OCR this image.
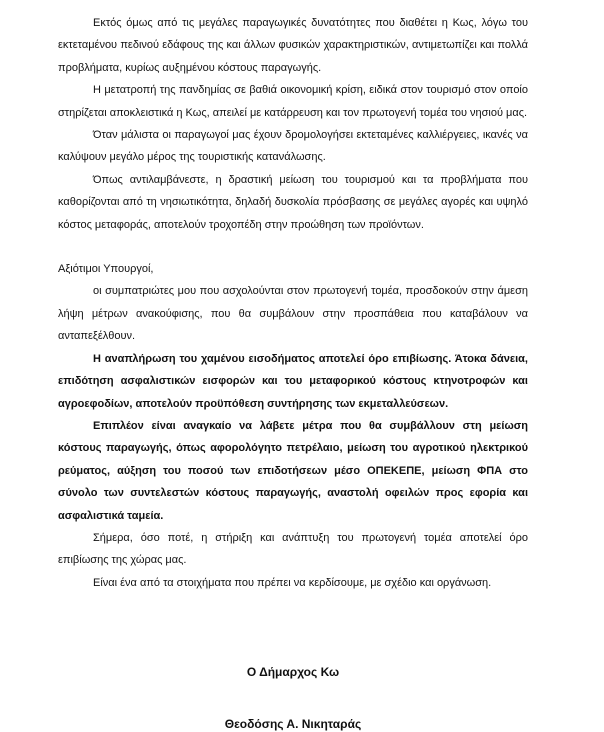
Εκτός όμως από τις μεγάλες παραγωγικές δυνατότητες που διαθέτει η Κως, λόγω του εκτεταμένου πεδινού εδάφους της και άλλων φυσικών χαρακτηριστικών, αντιμετωπίζει και πολλά προβλήματα, κυρίως αυξημένου κόστους παραγωγής.

Η μετατροπή της πανδημίας σε βαθιά οικονομική κρίση, ειδικά στον τουρισμό στον οποίο στηρίζεται αποκλειστικά η Κως, απειλεί με κατάρρευση και τον πρωτογενή τομέα του νησιού μας.

Όταν μάλιστα οι παραγωγοί μας έχουν δρομολογήσει εκτεταμένες καλλιέργειες, ικανές να καλύψουν μεγάλο μέρος της τουριστικής κατανάλωσης.

Όπως αντιλαμβάνεστε, η δραστική μείωση του τουρισμού και τα προβλήματα που καθορίζονται από τη νησιωτικότητα, δηλαδή δυσκολία πρόσβασης σε μεγάλες αγορές και υψηλό κόστος μεταφοράς, αποτελούν τροχοπέδη στην προώθηση των προϊόντων.

Αξιότιμοι Υπουργοί,

οι συμπατριώτες μου που ασχολούνται στον πρωτογενή τομέα, προσδοκούν στην άμεση λήψη μέτρων ανακούφισης, που θα συμβάλουν στην προσπάθεια που καταβάλουν να ανταπεξέλθουν.

Η αναπλήρωση του χαμένου εισοδήματος αποτελεί όρο επιβίωσης. Άτοκα δάνεια, επιδότηση ασφαλιστικών εισφορών και του μεταφορικού κόστους κτηνοτροφών και αγροεφοδίων, αποτελούν προϋπόθεση συντήρησης των εκμεταλλεύσεων.

Επιπλέον είναι αναγκαίο να λάβετε μέτρα που θα συμβάλλουν στη μείωση κόστους παραγωγής, όπως αφορολόγητο πετρέλαιο, μείωση του αγροτικού ηλεκτρικού ρεύματος, αύξηση του ποσού των επιδοτήσεων μέσο ΟΠΕΚΕΠΕ, μείωση ΦΠΑ στο σύνολο των συντελεστών κόστους παραγωγής, αναστολή οφειλών προς εφορία και ασφαλιστικά ταμεία.

Σήμερα, όσο ποτέ, η στήριξη και ανάπτυξη του πρωτογενή τομέα αποτελεί όρο επιβίωσης της χώρας μας.

Είναι ένα από τα στοιχήματα που πρέπει να κερδίσουμε, με σχέδιο και οργάνωση.

Ο Δήμαρχος Κω

Θεοδόσης Α. Νικηταράς
